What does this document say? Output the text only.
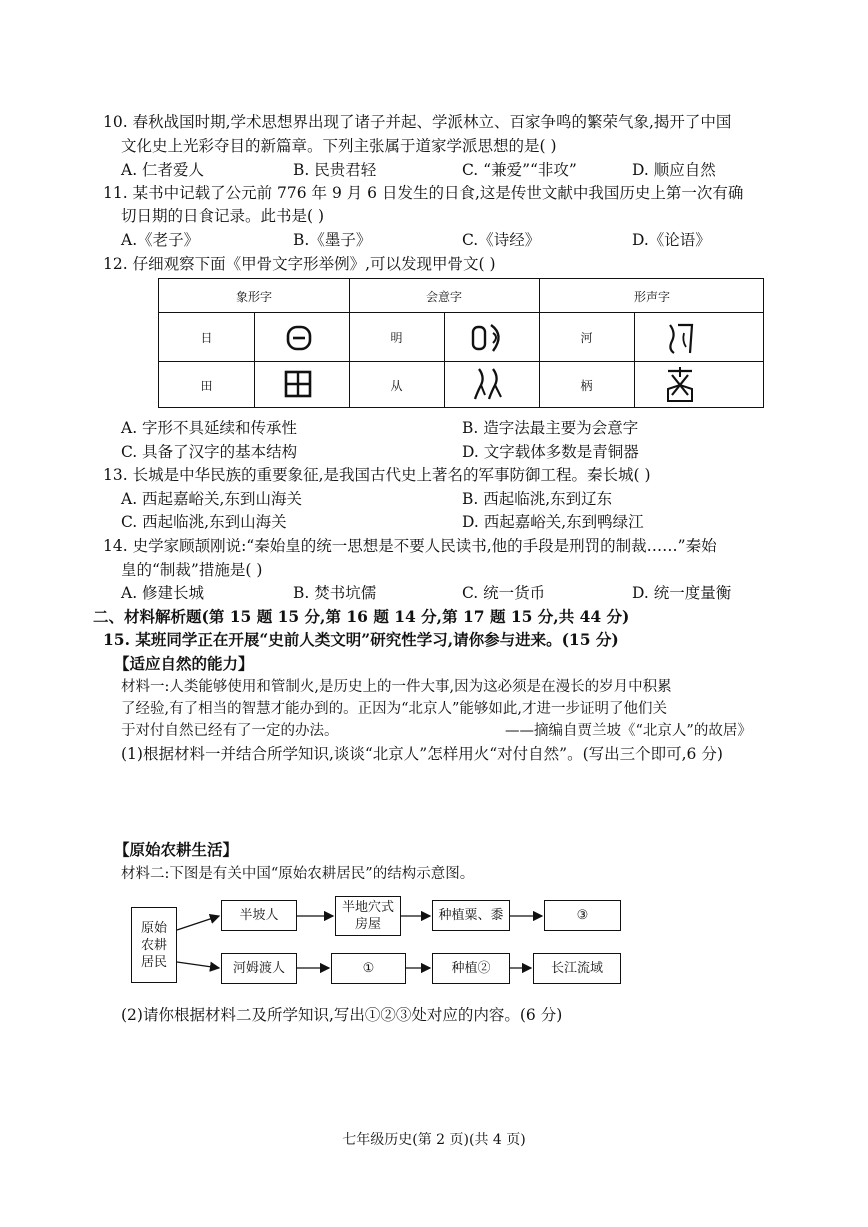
10. 春秋战国时期,学术思想界出现了诸子并起、学派林立、百家争鸣的繁荣气象,揭开了中国
文化史上光彩夺目的新篇章。下列主张属于道家学派思想的是( )
A. 仁者爱人	B. 民贵君轻	C. “兼爱”“非攻”	D. 顺应自然
11. 某书中记载了公元前 776 年 9 月 6 日发生的日食,这是传世文献中我国历史上第一次有确
切日期的日食记录。此书是( )
A.《老子》	B.《墨子》	C.《诗经》	D.《论语》
12. 仔细观察下面《甲骨文字形举例》,可以发现甲骨文( )
象形字	会意字	形声字
日	明	河
田	从	柄
A. 字形不具延续和传承性	B. 造字法最主要为会意字
C. 具备了汉字的基本结构	D. 文字载体多数是青铜器
13. 长城是中华民族的重要象征,是我国古代史上著名的军事防御工程。秦长城( )
A. 西起嘉峪关,东到山海关	B. 西起临洮,东到辽东
C. 西起临洮,东到山海关	D. 西起嘉峪关,东到鸭绿江
14. 史学家顾颉刚说:“秦始皇的统一思想是不要人民读书,他的手段是刑罚的制裁……”秦始
皇的“制裁”措施是( )
A. 修建长城	B. 焚书坑儒	C. 统一货币	D. 统一度量衡
二、材料解析题(第 15 题 15 分,第 16 题 14 分,第 17 题 15 分,共 44 分)
15. 某班同学正在开展“史前人类文明”研究性学习,请你参与进来。(15 分)
【适应自然的能力】
材料一:人类能够使用和管制火,是历史上的一件大事,因为这必须是在漫长的岁月中积累
了经验,有了相当的智慧才能办到的。正因为“北京人”能够如此,才进一步证明了他们关
于对付自然已经有了一定的办法。	——摘编自贾兰坡《“北京人”的故居》
(1)根据材料一并结合所学知识,谈谈“北京人”怎样用火“对付自然”。(写出三个即可,6 分)
【原始农耕生活】
材料二:下图是有关中国“原始农耕居民”的结构示意图。
原始农耕居民
半坡人
半地穴式房屋
种植粟、黍	③
河姆渡人	①	种植②	长江流域
(2)请你根据材料二及所学知识,写出①②③处对应的内容。(6 分)
七年级历史(第 2 页)(共 4 页)
